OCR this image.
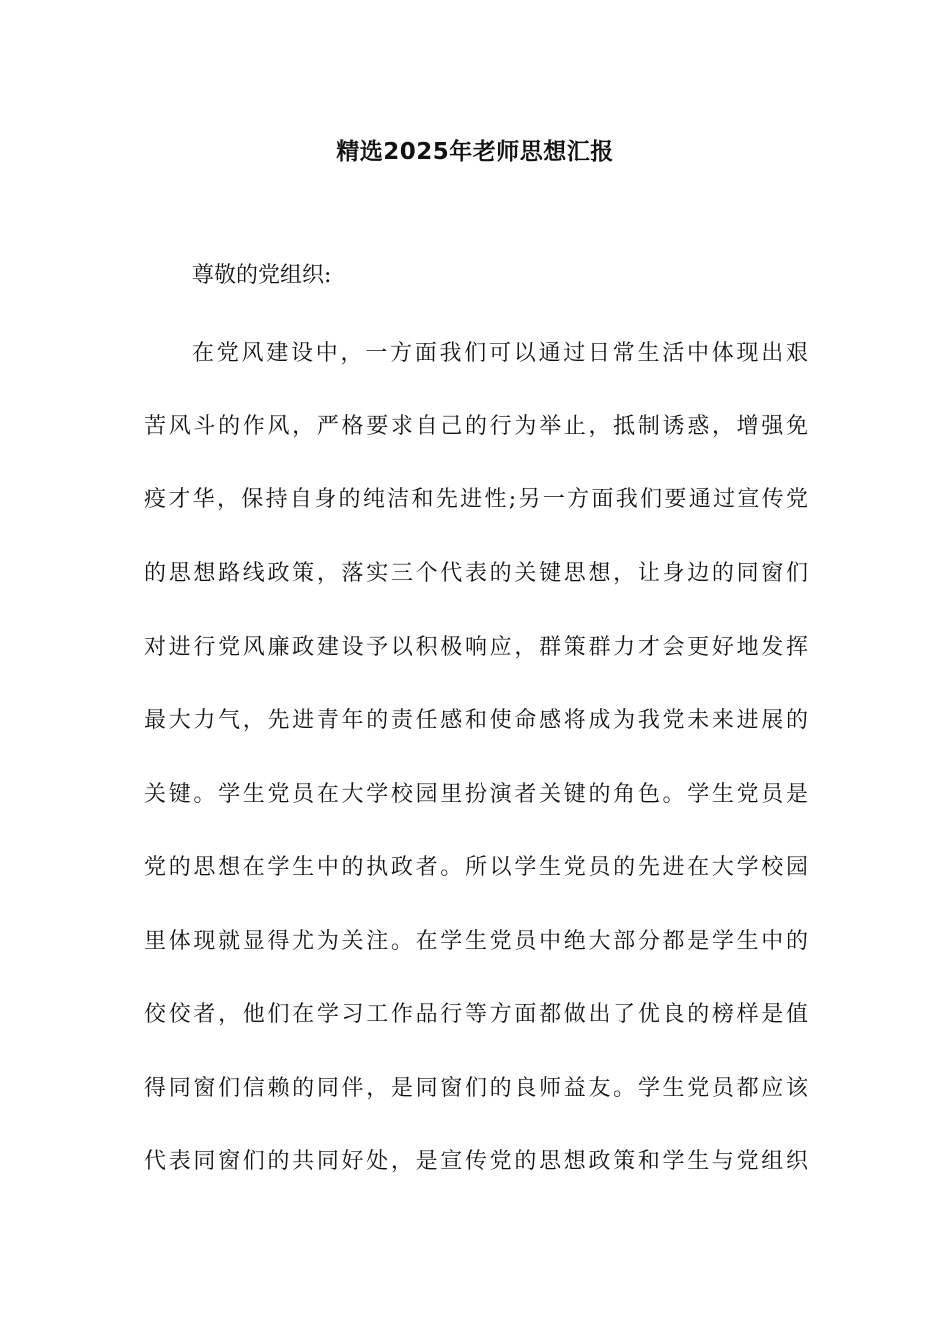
精选2025年老师思想汇报
尊敬的党组织:
在党风建设中，一方面我们可以通过日常生活中体现出艰
苦风斗的作风，严格要求自己的行为举止，抵制诱惑，增强免
疫才华，保持自身的纯洁和先进性;另一方面我们要通过宣传党
的思想路线政策，落实三个代表的关键思想，让身边的同窗们
对进行党风廉政建设予以积极响应，群策群力才会更好地发挥
最大力气，先进青年的责任感和使命感将成为我党未来进展的
关键。学生党员在大学校园里扮演者关键的角色。学生党员是
党的思想在学生中的执政者。所以学生党员的先进在大学校园
里体现就显得尤为关注。在学生党员中绝大部分都是学生中的
佼佼者，他们在学习工作品行等方面都做出了优良的榜样是值
得同窗们信赖的同伴，是同窗们的良师益友。学生党员都应该
代表同窗们的共同好处，是宣传党的思想政策和学生与党组织
